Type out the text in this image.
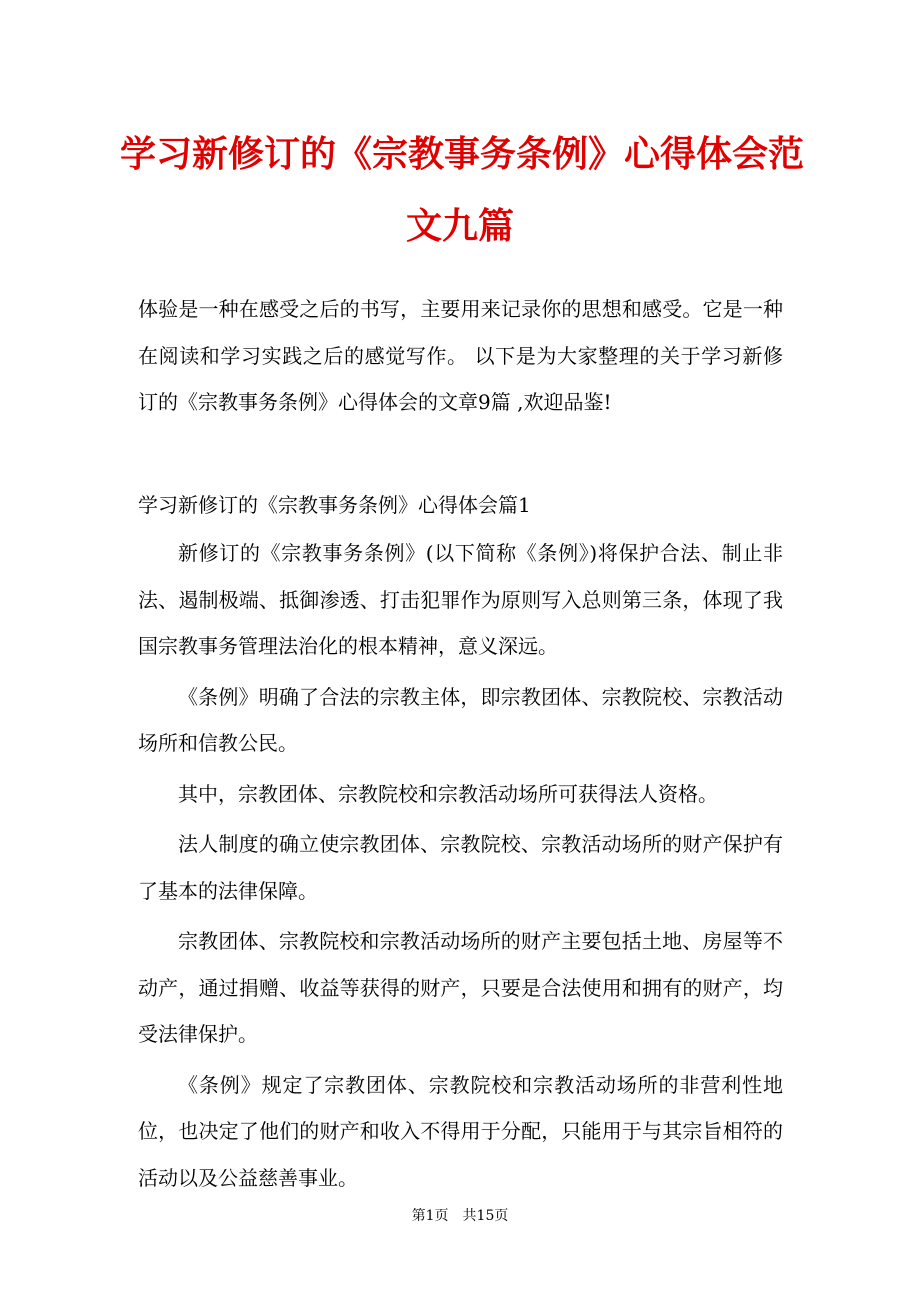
学习新修订的《宗教事务条例》心得体会范
文九篇

体验是一种在感受之后的书写，主要用来记录你的思想和感受。它是一种在阅读和学习实践之后的感觉写作。 以下是为大家整理的关于学习新修订的《宗教事务条例》心得体会的文章9篇 ,欢迎品鉴!

学习新修订的《宗教事务条例》心得体会篇1

新修订的《宗教事务条例》(以下简称《条例》)将保护合法、制止非法、遏制极端、抵御渗透、打击犯罪作为原则写入总则第三条，体现了我国宗教事务管理法治化的根本精神，意义深远。

《条例》明确了合法的宗教主体，即宗教团体、宗教院校、宗教活动场所和信教公民。

其中，宗教团体、宗教院校和宗教活动场所可获得法人资格。

法人制度的确立使宗教团体、宗教院校、宗教活动场所的财产保护有了基本的法律保障。

宗教团体、宗教院校和宗教活动场所的财产主要包括土地、房屋等不动产，通过捐赠、收益等获得的财产，只要是合法使用和拥有的财产，均受法律保护。

《条例》规定了宗教团体、宗教院校和宗教活动场所的非营利性地位，也决定了他们的财产和收入不得用于分配，只能用于与其宗旨相符的活动以及公益慈善事业。

第1页 共15页
